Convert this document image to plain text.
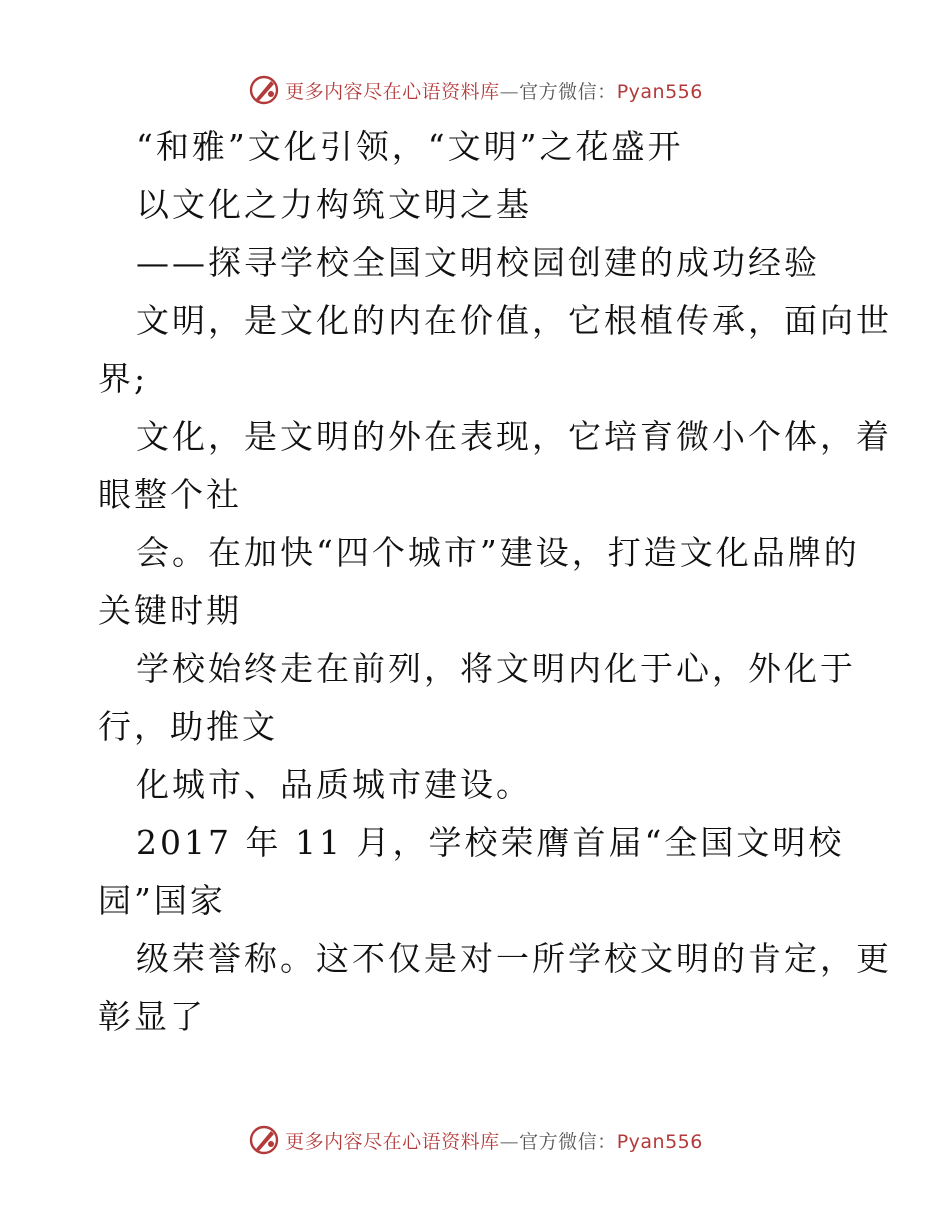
更多内容尽在心语资料库—官方微信：Pyan556
“和雅”文化引领，“文明”之花盛开
以文化之力构筑文明之基
——探寻学校全国文明校园创建的成功经验
文明，是文化的内在价值，它根植传承，面向世
界;
文化，是文明的外在表现，它培育微小个体，着
眼整个社
会。在加快“四个城市”建设，打造文化品牌的
关键时期
学校始终走在前列，将文明内化于心，外化于
行，助推文
化城市、品质城市建设。
2017 年 11 月，学校荣膺首届“全国文明校
园”国家
级荣誉称。这不仅是对一所学校文明的肯定，更
彰显了
更多内容尽在心语资料库—官方微信：Pyan556
